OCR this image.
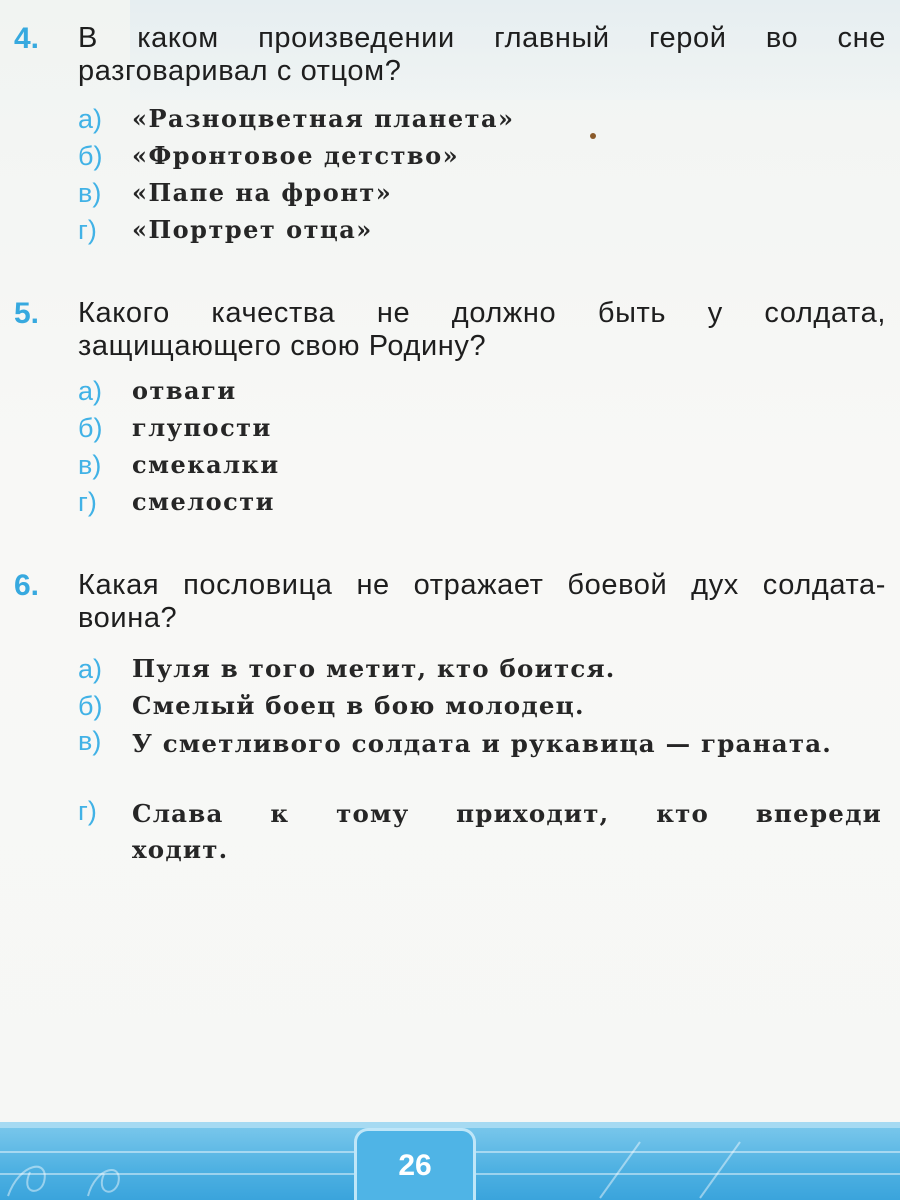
4. В каком произведении главный герой во сне разговаривал с отцом?
а) «Разноцветная планета»
б) «Фронтовое детство»
в) «Папе на фронт»
г) «Портрет отца»
5. Какого качества не должно быть у солдата, защищающего свою Родину?
а) отваги
б) глупости
в) смекалки
г) смелости
6. Какая пословица не отражает боевой дух солдата-воина?
а) Пуля в того метит, кто боится.
б) Смелый боец в бою молодец.
в) У сметливого солдата и рукавица — граната.
г) Слава к тому приходит, кто впереди ходит.
26
